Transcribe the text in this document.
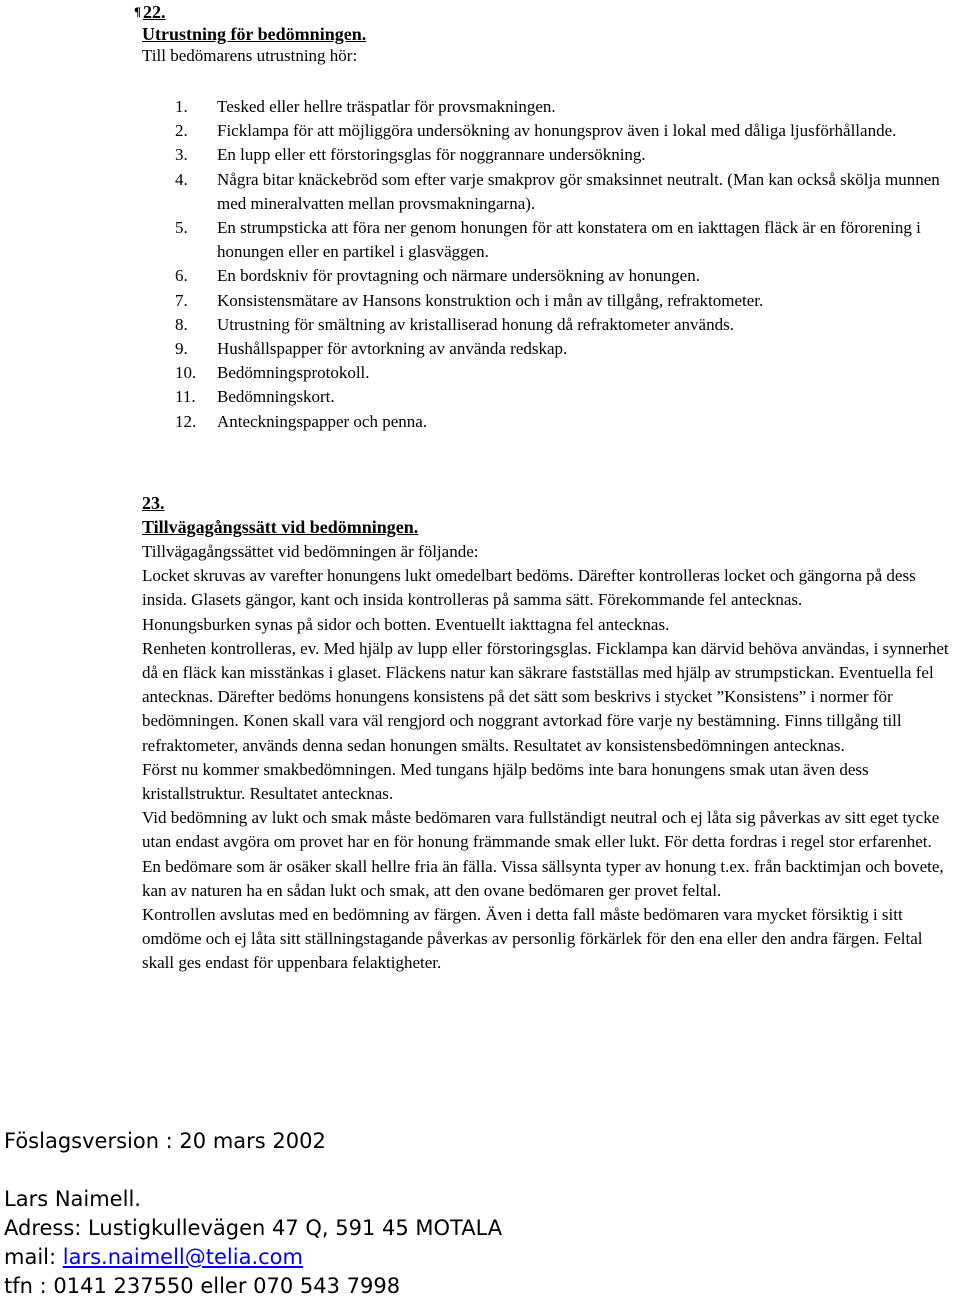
¶ 22.
Utrustning för bedömningen.
Till bedömarens utrustning hör:
1.	Tesked eller hellre träspatlar för provsmakningen.
2.	Ficklampa för att möjliggöra undersökning av honungsprov även i lokal med dåliga ljusförhållande.
3.	En lupp eller ett förstoringsglas för noggrannare undersökning.
4.	Några bitar knäckebröd som efter varje smakprov gör smaksinnet neutralt. (Man kan också skölja munnen med mineralvatten mellan provsmakningarna).
5.	En strumpsticka att föra ner genom honungen för att konstatera om en iakttagen fläck är en förorening i honungen eller en partikel i glasväggen.
6.	En bordskniv för provtagning och närmare undersökning av honungen.
7.	Konsistensmätare av Hansons konstruktion och i mån av tillgång, refraktometer.
8.	Utrustning för smältning av kristalliserad honung då refraktometer används.
9.	Hushållspapper för avtorkning av använda redskap.
10.	Bedömningsprotokoll.
11.	Bedömningskort.
12.	Anteckningspapper och penna.
23.
Tillvägagångssätt vid bedömningen.

Tillvägagångssättet vid bedömningen är följande:

Locket skruvas av varefter honungens lukt omedelbart bedöms. Därefter kontrolleras locket och gängorna på dess insida. Glasets gängor, kant och insida kontrolleras på samma sätt. Förekommande fel antecknas.

Honungsburken synas på sidor och botten. Eventuellt iakttagna fel antecknas.

Renheten kontrolleras, ev. Med hjälp av lupp eller förstoringsglas. Ficklampa kan därvid behöva användas, i synnerhet då en fläck kan misstänkas i glaset. Fläckens natur kan säkrare fastställas med hjälp av strumpstickan. Eventuella fel antecknas. Därefter bedöms honungens konsistens på det sätt som beskrivs i stycket ”Konsistens” i normer för bedömningen. Konen skall vara väl rengjord och noggrant avtorkad före varje ny bestämning. Finns tillgång till refraktometer, används denna sedan honungen smälts. Resultatet av konsistensbedömningen antecknas.

Först nu kommer smakbedömningen. Med tungans hjälp bedöms inte bara honungens smak utan även dess kristallstruktur. Resultatet antecknas.

Vid bedömning av lukt och smak måste bedömaren vara fullständigt neutral och ej låta sig påverkas av sitt eget tycke utan endast avgöra om provet har en för honung främmande smak eller lukt. För detta fordras i regel stor erfarenhet. En bedömare som är osäker skall hellre fria än fälla. Vissa sällsynta typer av honung t.ex. från backtimjan och bovete, kan av naturen ha en sådan lukt och smak, att den ovane bedömaren ger provet feltal.

Kontrollen avslutas med en bedömning av färgen. Även i detta fall måste bedömaren vara mycket försiktig i sitt omdöme och ej låta sitt ställningstagande påverkas av personlig förkärlek för den ena eller den andra färgen. Feltal skall ges endast för uppenbara felaktigheter.

Föslagsversion : 20 mars 2002
Lars Naimell.
Adress: Lustigkullevägen 47 Q, 591 45 MOTALA
mail: lars.naimell@telia.com
tfn : 0141 237550 eller 070 543 7998
